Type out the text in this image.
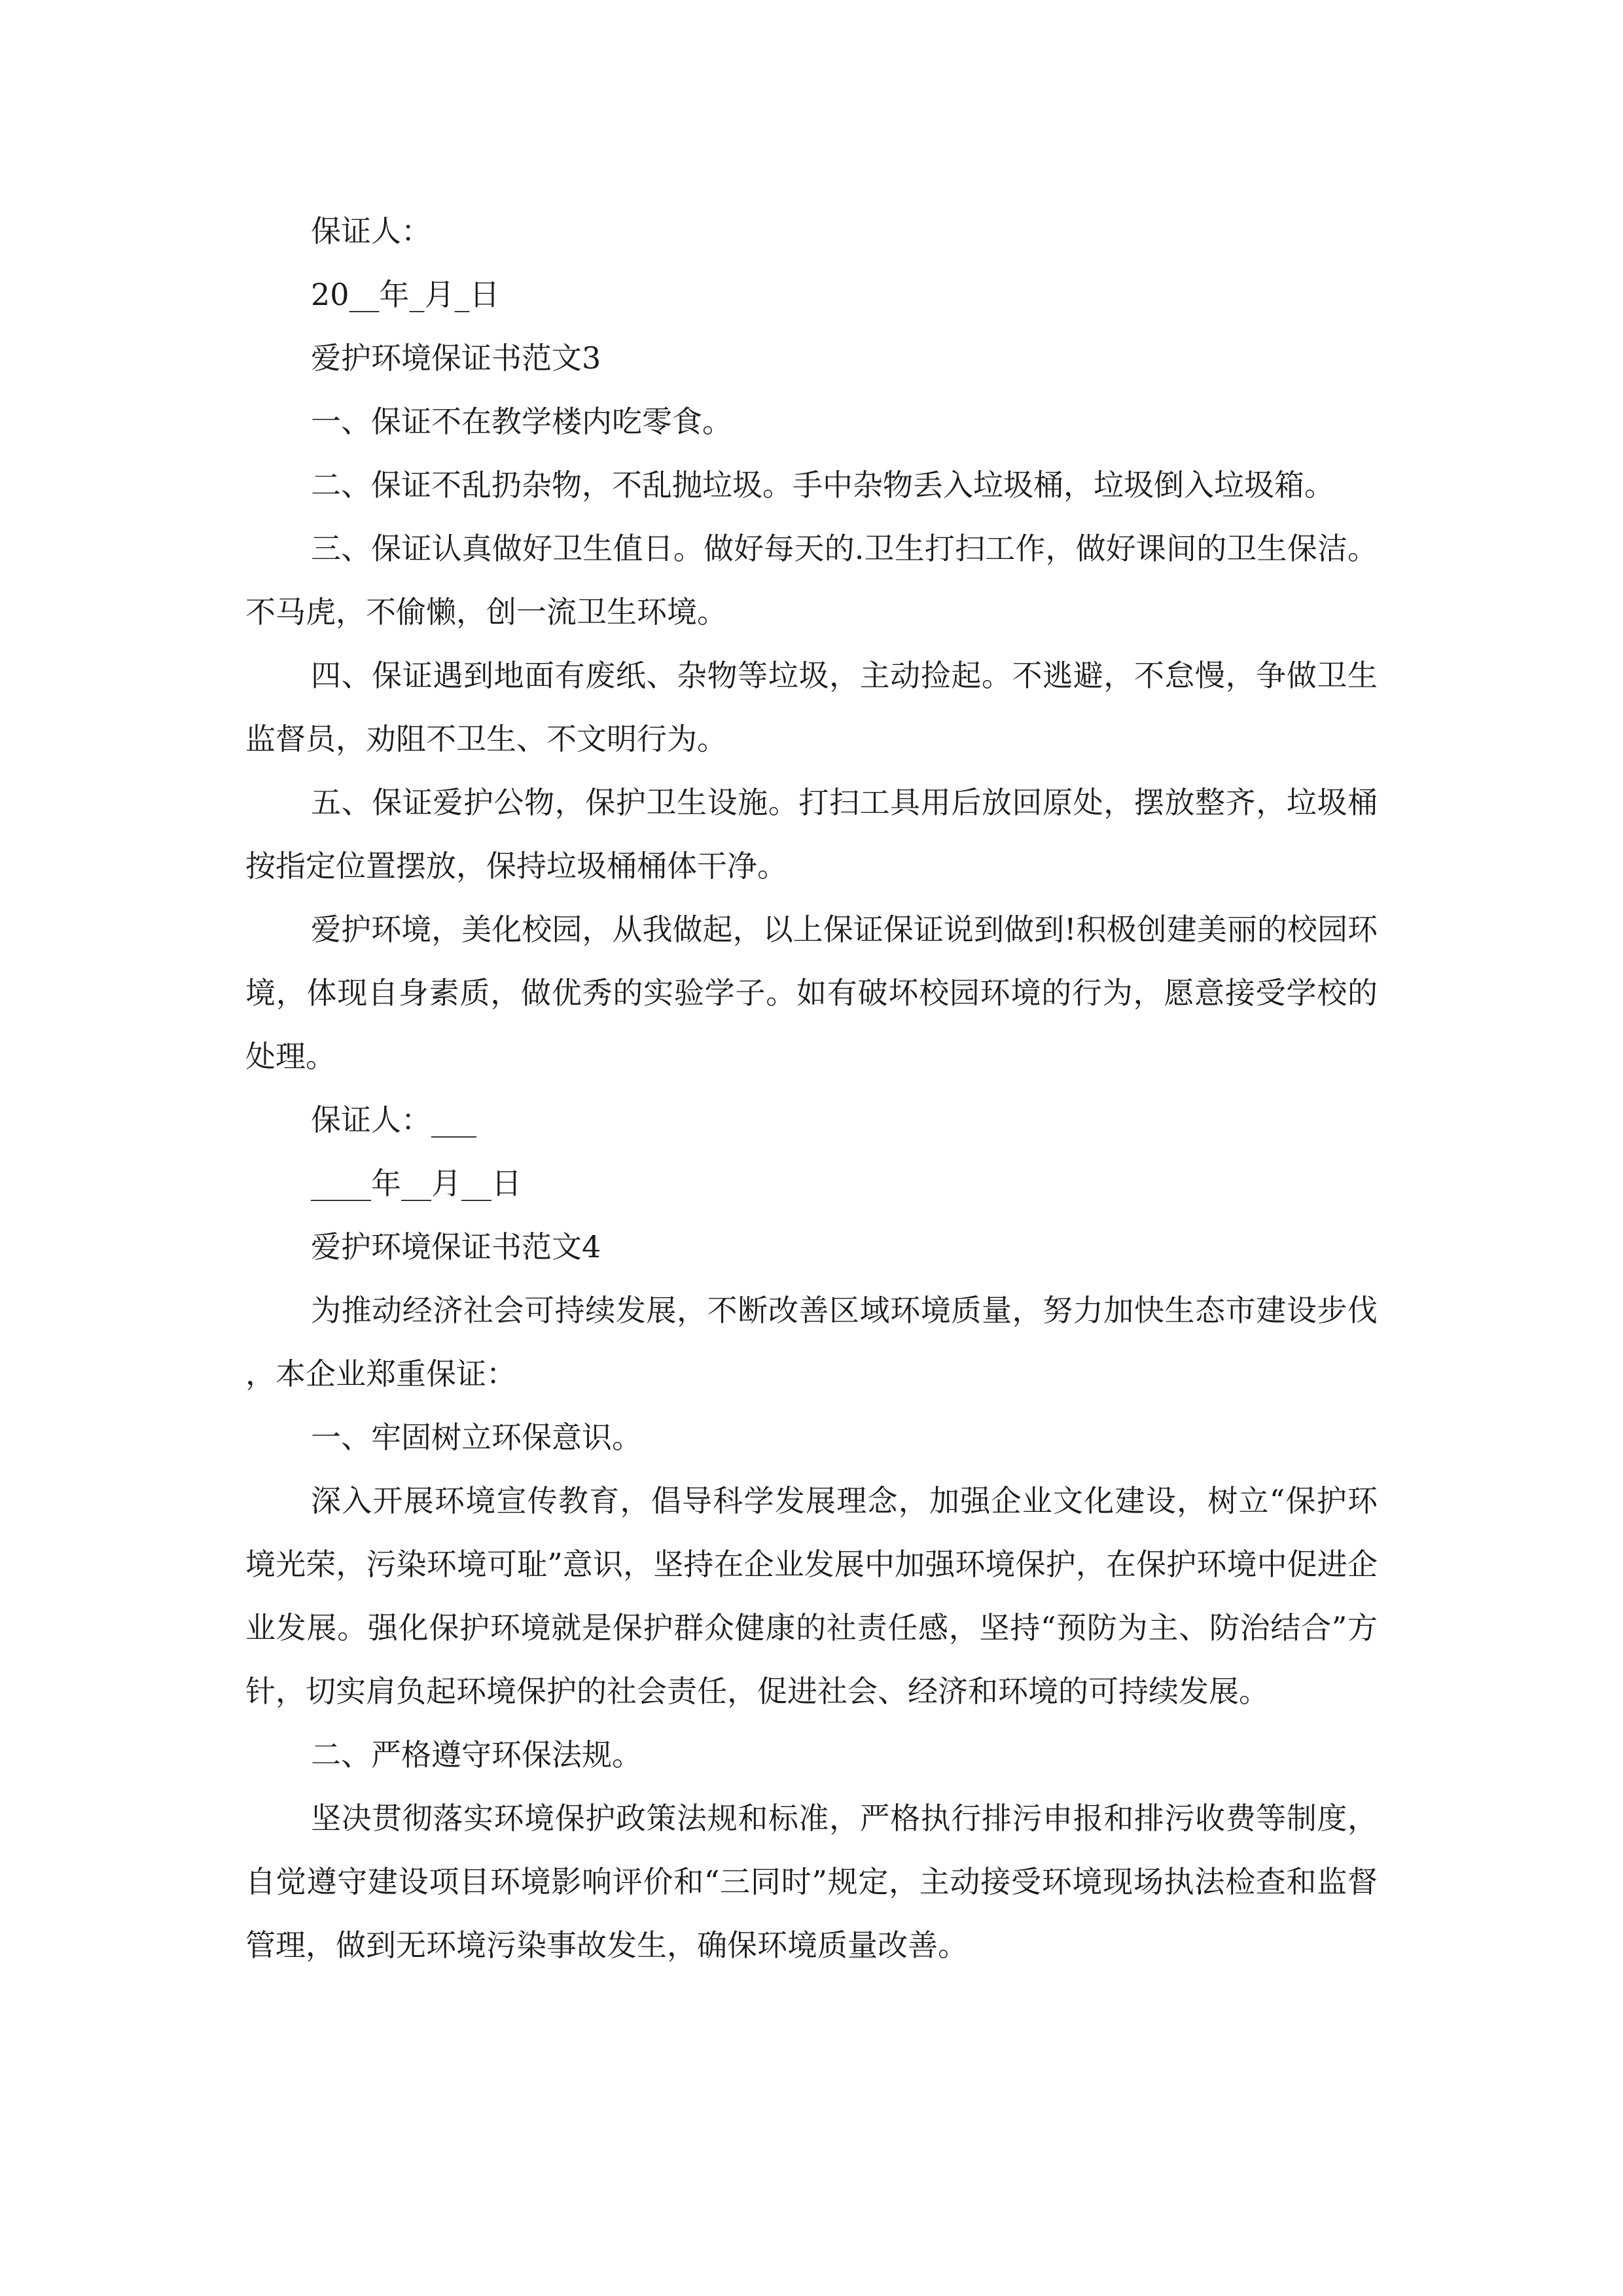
保证人：

20__年_月_日

爱护环境保证书范文3

一、保证不在教学楼内吃零食。

二、保证不乱扔杂物，不乱抛垃圾。手中杂物丢入垃圾桶，垃圾倒入垃圾箱。

三、保证认真做好卫生值日。做好每天的.卫生打扫工作，做好课间的卫生保洁。不马虎，不偷懒，创一流卫生环境。

四、保证遇到地面有废纸、杂物等垃圾，主动捡起。不逃避，不怠慢，争做卫生监督员，劝阻不卫生、不文明行为。

五、保证爱护公物，保护卫生设施。打扫工具用后放回原处，摆放整齐，垃圾桶按指定位置摆放，保持垃圾桶桶体干净。

爱护环境，美化校园，从我做起，以上保证保证说到做到!积极创建美丽的校园环境，体现自身素质，做优秀的实验学子。如有破坏校园环境的行为，愿意接受学校的处理。

保证人：___

____年__月__日

爱护环境保证书范文4

为推动经济社会可持续发展，不断改善区域环境质量，努力加快生态市建设步伐，本企业郑重保证：

一、牢固树立环保意识。

深入开展环境宣传教育，倡导科学发展理念，加强企业文化建设，树立“保护环境光荣，污染环境可耻”意识，坚持在企业发展中加强环境保护，在保护环境中促进企业发展。强化保护环境就是保护群众健康的社责任感，坚持“预防为主、防治结合”方针，切实肩负起环境保护的社会责任，促进社会、经济和环境的可持续发展。

二、严格遵守环保法规。

坚决贯彻落实环境保护政策法规和标准，严格执行排污申报和排污收费等制度，自觉遵守建设项目环境影响评价和“三同时”规定，主动接受环境现场执法检查和监督管理，做到无环境污染事故发生，确保环境质量改善。
